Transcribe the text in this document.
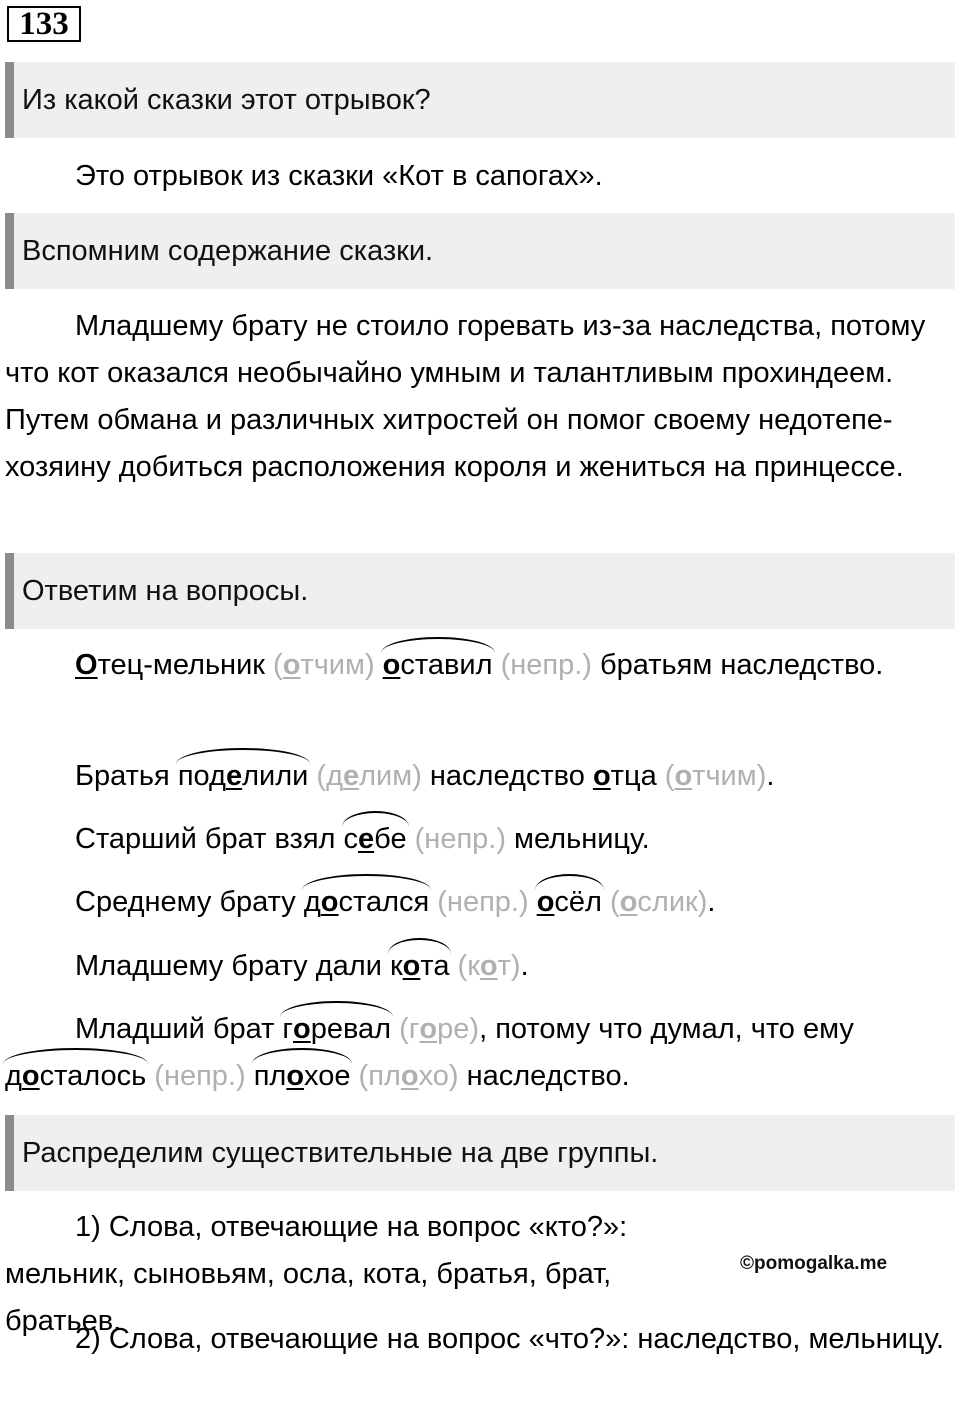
133
Из какой сказки этот отрывок?

Это отрывок из сказки «Кот в сапогах».

Вспомним содержание сказки.

Младшему брату не стоило горевать из-за наследства, потому что кот оказался необычайно умным и талантливым прохиндеем. Путем обмана и различных хитростей он помог своему недотепе-хозяину добиться расположения короля и жениться на принцессе.

Ответим на вопросы.

Отец-мельник (отчим) оставил (непр.) братьям наследство.

Братья поделили (делим) наследство отца (отчим).

Старший брат взял себе (непр.) мельницу.

Среднему брату достался (непр.) осёл (ослик).

Младшему брату дали кота (кот).

Младший брат горевал (горе), потому что думал, что ему досталось (непр.) плохое (плохо) наследство.

Распределим существительные на две группы.

1) Слова, отвечающие на вопрос «кто?»: мельник, сыновьям, осла, кота, братья, брат, братьев.

©pomogalka.me

2) Слова, отвечающие на вопрос «что?»: наследство, мельницу.
